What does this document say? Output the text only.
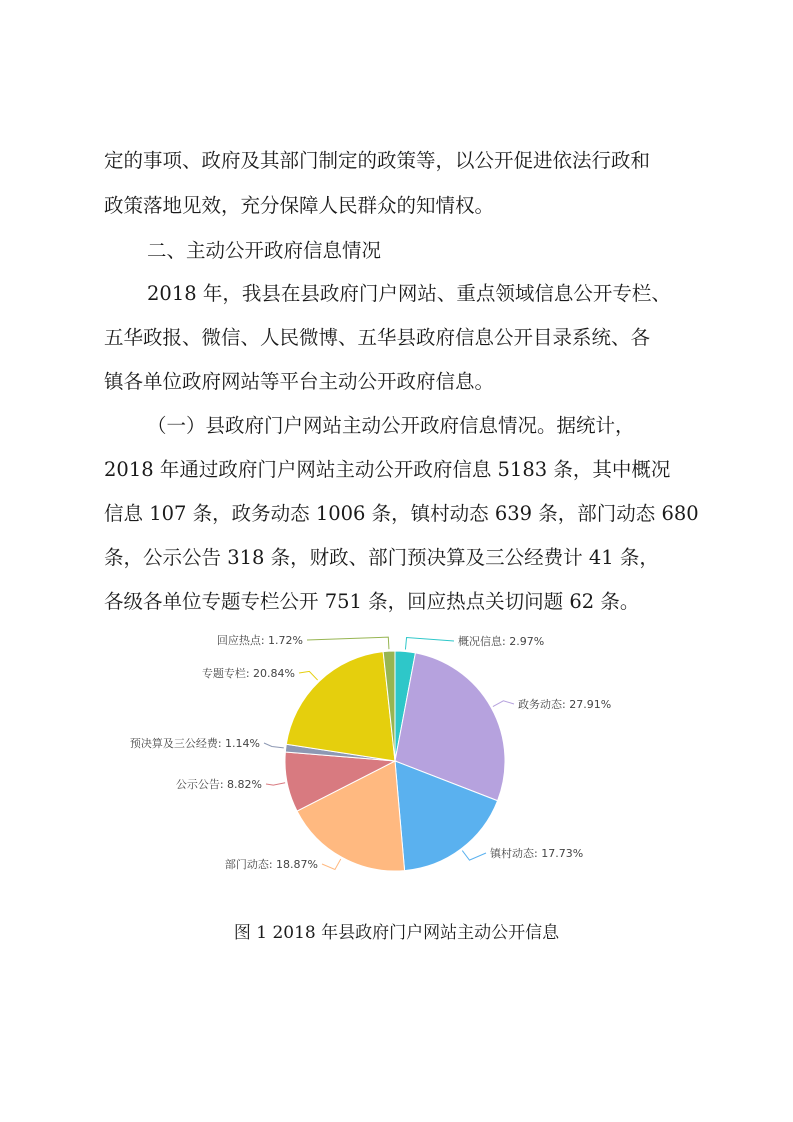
定的事项、政府及其部门制定的政策等，以公开促进依法行政和
政策落地见效，充分保障人民群众的知情权。
二、主动公开政府信息情况
2018 年，我县在县政府门户网站、重点领域信息公开专栏、
五华政报、微信、人民微博、五华县政府信息公开目录系统、各
镇各单位政府网站等平台主动公开政府信息。
（一）县政府门户网站主动公开政府信息情况。据统计，
2018 年通过政府门户网站主动公开政府信息 5183 条，其中概况
信息 107 条，政务动态 1006 条，镇村动态 639 条，部门动态 680
条，公示公告 318 条，财政、部门预决算及三公经费计 41 条，
各级各单位专题专栏公开 751 条，回应热点关切问题 62 条。
概况信息: 2.97%
政务动态: 27.91%
镇村动态: 17.73%
部门动态: 18.87%
公示公告: 8.82%
预决算及三公经费: 1.14%
专题专栏: 20.84%
回应热点: 1.72%
图 1 2018 年县政府门户网站主动公开信息
